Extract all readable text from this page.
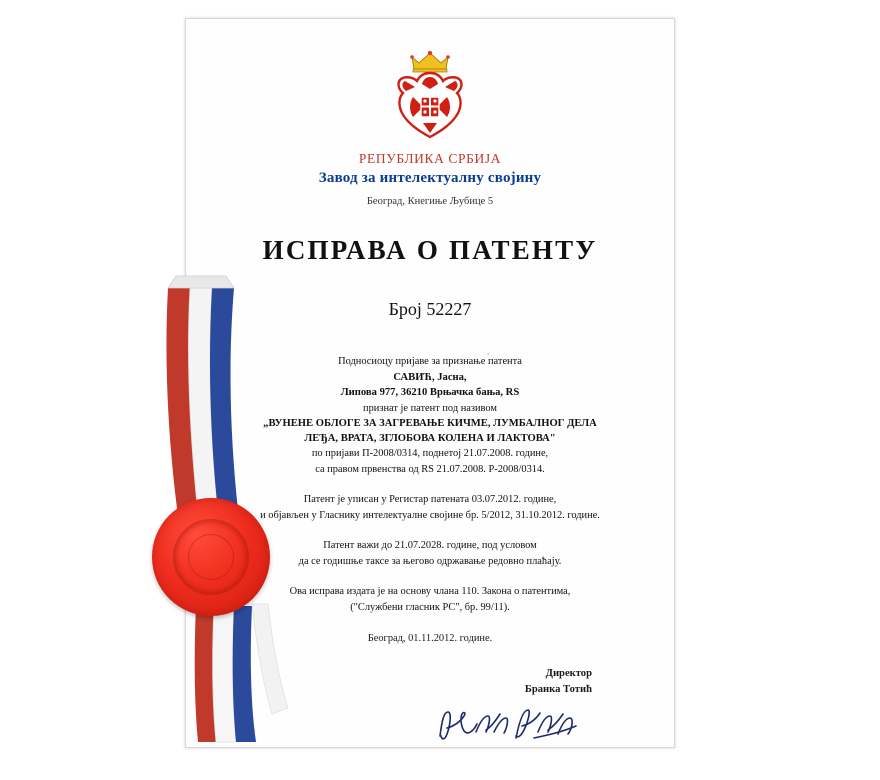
РЕПУБЛИКА СРБИЈА
Завод за интелектуалну својину
Београд, Кнегиње Љубице 5
ИСПРАВА О ПАТЕНТУ
Број 52227

Подносиоцу пријаве за признање патента

САВИЋ, Јасна,

Липова 977, 36210 Врњачка бања, RS

признат је патент под називом

„ВУНЕНЕ ОБЛОГЕ ЗА ЗАГРЕВАЊЕ КИЧМЕ, ЛУМБАЛНОГ ДЕЛА

ЛЕЂА, ВРАТА, ЗГЛОБОВА КОЛЕНА И ЛАКТОВА"

по пријави П-2008/0314, поднетој 21.07.2008. године,

са правом првенства од RS 21.07.2008. Р-2008/0314.

Патент је уписан у Регистар патената 03.07.2012. године,

и објављен у Гласнику интелектуалне својине бр. 5/2012, 31.10.2012. године.

Патент важи до 21.07.2028. године, под условом

да се годишње таксе за његово одржавање редовно плаћају.

Ова исправа издата је на основу члана 110. Закона о патентима,

("Службени гласник РС", бр. 99/11).

Београд, 01.11.2012. године.
Директор
Бранка Тотић
,
